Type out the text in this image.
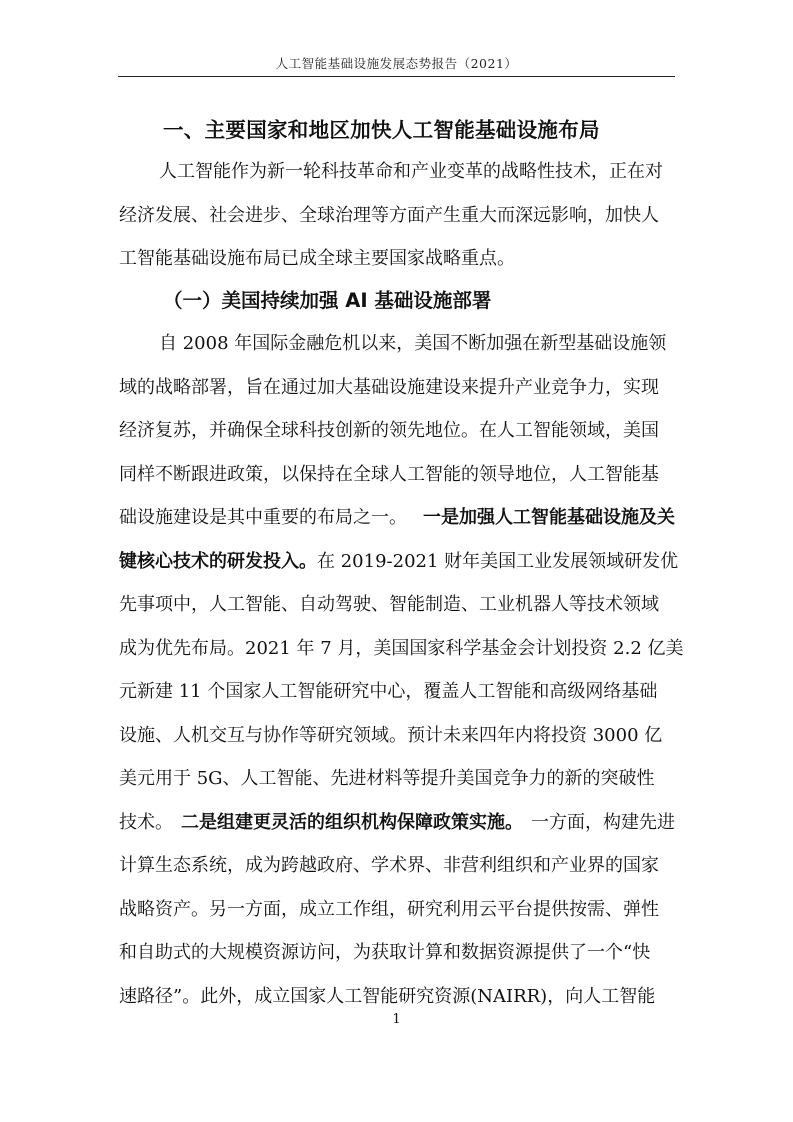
人工智能基础设施发展态势报告（2021）
一、主要国家和地区加快人工智能基础设施布局
人工智能作为新一轮科技革命和产业变革的战略性技术，正在对
经济发展、社会进步、全球治理等方面产生重大而深远影响，加快人
工智能基础设施布局已成全球主要国家战略重点。
（一）美国持续加强 AI 基础设施部署
自 2008 年国际金融危机以来，美国不断加强在新型基础设施领
域的战略部署，旨在通过加大基础设施建设来提升产业竞争力，实现
经济复苏，并确保全球科技创新的领先地位。在人工智能领域，美国
同样不断跟进政策，以保持在全球人工智能的领导地位，人工智能基
础设施建设是其中重要的布局之一。 一是加强人工智能基础设施及关
键核心技术的研发投入。 在 2019-2021 财年美国工业发展领域研发优
先事项中，人工智能、自动驾驶、智能制造、工业机器人等技术领域
成为优先布局。2021 年 7 月，美国国家科学基金会计划投资 2.2 亿美
元新建 11 个国家人工智能研究中心，覆盖人工智能和高级网络基础
设施、人机交互与协作等研究领域。预计未来四年内将投资 3000 亿
美元用于 5G、人工智能、先进材料等提升美国竞争力的新的突破性
技术。 二是组建更灵活的组织机构保障政策实施。 一方面，构建先进
计算生态系统，成为跨越政府、学术界、非营利组织和产业界的国家
战略资产。另一方面，成立工作组，研究利用云平台提供按需、弹性
和自助式的大规模资源访问，为获取计算和数据资源提供了一个“快
速路径”。此外，成立国家人工智能研究资源(NAIRR)，向人工智能
1
